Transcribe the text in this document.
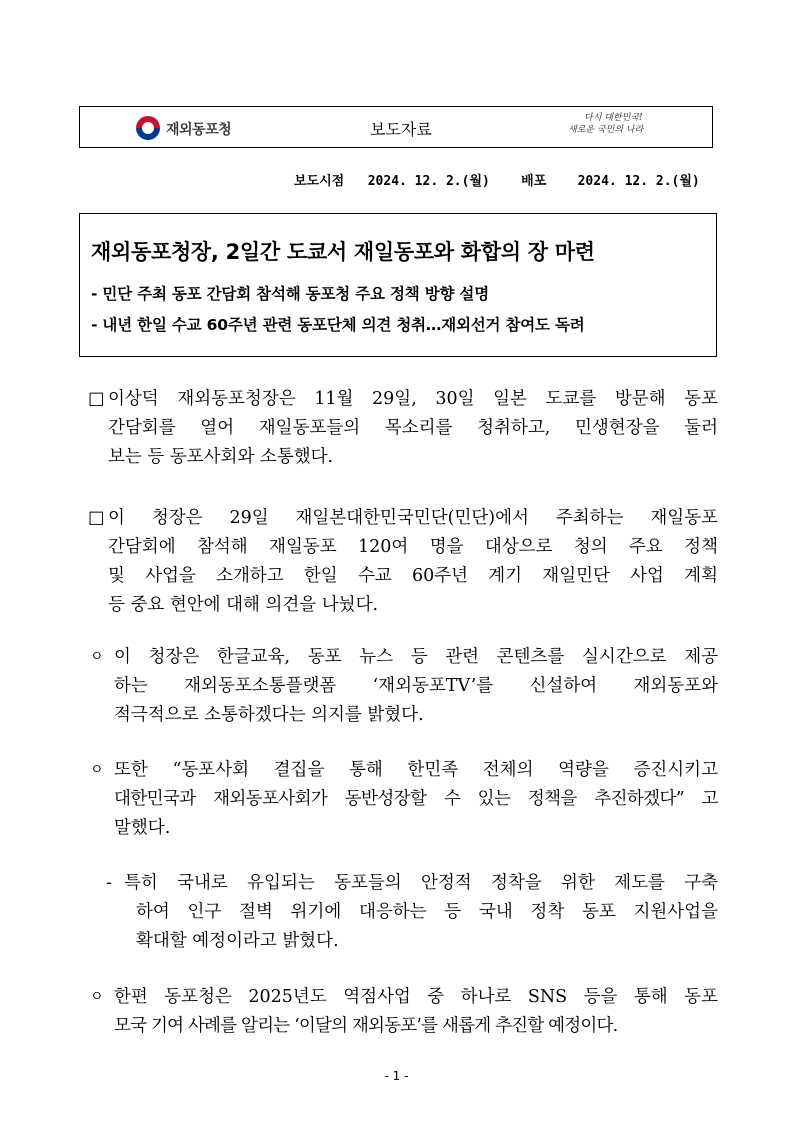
재외동포청	보도자료
다시 대한민국!
새로운 국민의 나라
보도시점 2024. 12. 2.(월) 배포 2024. 12. 2.(월)
재외동포청장, 2일간 도쿄서 재일동포와 화합의 장 마련
- 민단 주최 동포 간담회 참석해 동포청 주요 정책 방향 설명
- 내년 한일 수교 60주년 관련 동포단체 의견 청취…재외선거 참여도 독려
□ 이상덕 재외동포청장은 11월 29일, 30일 일본 도쿄를 방문해 동포
간담회를 열어 재일동포들의 목소리를 청취하고, 민생현장을 둘러
보는 등 동포사회와 소통했다.
□ 이 청장은 29일 재일본대한민국민단(민단)에서 주최하는 재일동포
간담회에 참석해 재일동포 120여 명을 대상으로 청의 주요 정책
및 사업을 소개하고 한일 수교 60주년 계기 재일민단 사업 계획
등 중요 현안에 대해 의견을 나눴다.
ㅇ 이 청장은 한글교육, 동포 뉴스 등 관련 콘텐츠를 실시간으로 제공
하는 재외동포소통플랫폼 ‘재외동포TV’를 신설하여 재외동포와
적극적으로 소통하겠다는 의지를 밝혔다.
ㅇ 또한 “동포사회 결집을 통해 한민족 전체의 역량을 증진시키고
대한민국과 재외동포사회가 동반성장할 수 있는 정책을 추진하겠다” 고
말했다.
- 특히 국내로 유입되는 동포들의 안정적 정착을 위한 제도를 구축
하여 인구 절벽 위기에 대응하는 등 국내 정착 동포 지원사업을
확대할 예정이라고 밝혔다.
ㅇ 한편 동포청은 2025년도 역점사업 중 하나로 SNS 등을 통해 동포
모국 기여 사례를 알리는 ‘이달의 재외동포’를 새롭게 추진할 예정이다.
- 1 -
